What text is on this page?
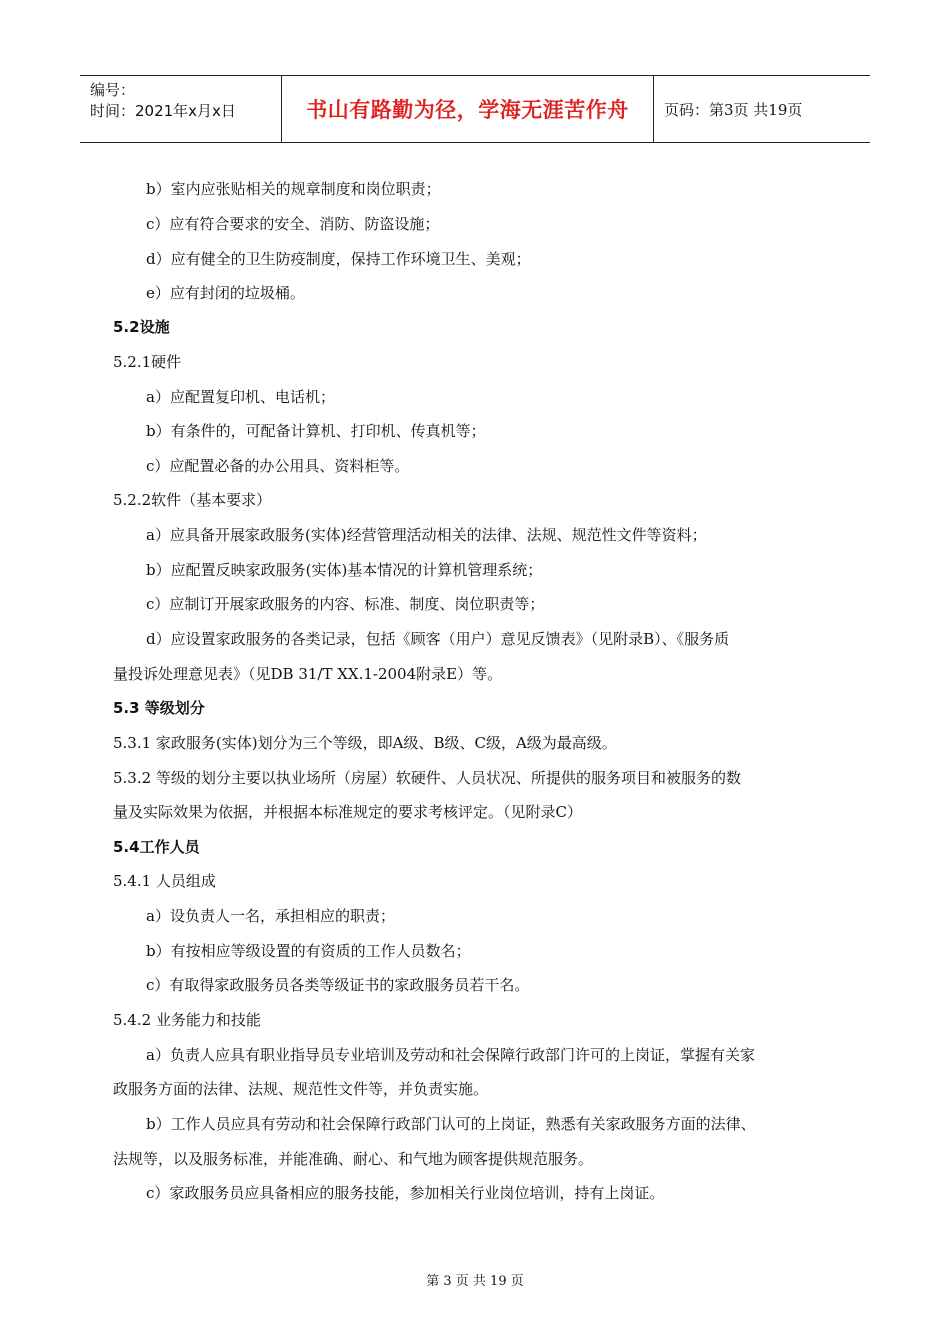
编号：
时间：2021年x月x日	书山有路勤为径，学海无涯苦作舟	页码：第3页 共19页
b）室内应张贴相关的规章制度和岗位职责；
c）应有符合要求的安全、消防、防盗设施；
d）应有健全的卫生防疫制度，保持工作环境卫生、美观；
e）应有封闭的垃圾桶。
5.2设施
5.2.1硬件
a）应配置复印机、电话机；
b）有条件的，可配备计算机、打印机、传真机等；
c）应配置必备的办公用具、资料柜等。
5.2.2软件（基本要求）
a）应具备开展家政服务(实体)经营管理活动相关的法律、法规、规范性文件等资料；
b）应配置反映家政服务(实体)基本情况的计算机管理系统；
c）应制订开展家政服务的内容、标准、制度、岗位职责等；
d）应设置家政服务的各类记录，包括《顾客（用户）意见反馈表》（见附录B）、《服务质
量投诉处理意见表》（见DB 31/T XX.1-2004附录E）等。
5.3 等级划分
5.3.1 家政服务(实体)划分为三个等级，即A级、B级、C级，A级为最高级。
5.3.2 等级的划分主要以执业场所（房屋）软硬件、人员状况、所提供的服务项目和被服务的数
量及实际效果为依据，并根据本标准规定的要求考核评定。（见附录C）
5.4工作人员
5.4.1 人员组成
a）设负责人一名，承担相应的职责；
b）有按相应等级设置的有资质的工作人员数名；
c）有取得家政服务员各类等级证书的家政服务员若干名。
5.4.2 业务能力和技能
a）负责人应具有职业指导员专业培训及劳动和社会保障行政部门许可的上岗证，掌握有关家
政服务方面的法律、法规、规范性文件等，并负责实施。
b）工作人员应具有劳动和社会保障行政部门认可的上岗证，熟悉有关家政服务方面的法律、
法规等，以及服务标准，并能准确、耐心、和气地为顾客提供规范服务。
c）家政服务员应具备相应的服务技能，参加相关行业岗位培训，持有上岗证。
第 3 页 共 19 页
